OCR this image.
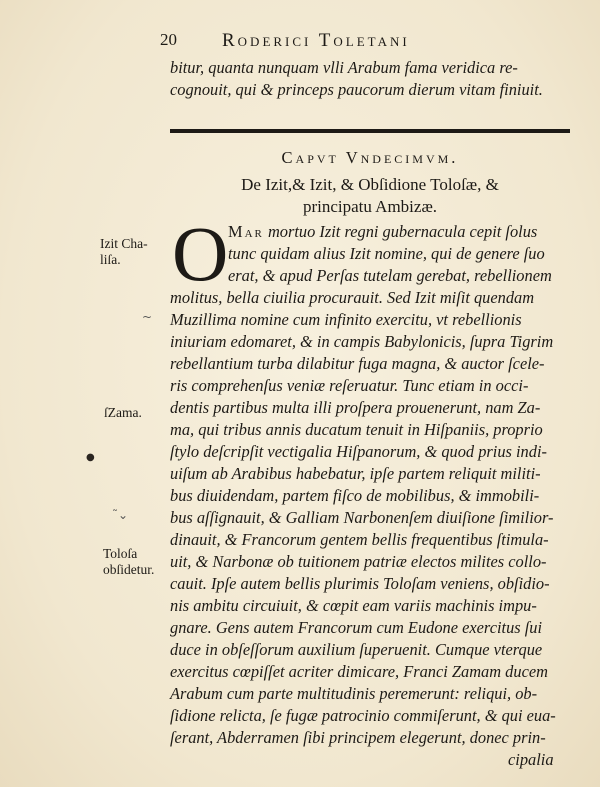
20 Roderici Toletani
bitur, quanta nunquam vlli Arabum fama veridica re-
cognouit, qui & princeps paucorum dierum vitam finiuit.
Capvt Vndecimvm.
De Izit,& Izit, & Obſidione Toloſæ, &
principatu Ambizæ.
O Mar mortuo Izit regni gubernacula cepit ſolus
tunc quidam alius Izit nomine, qui de genere ſuo
erat, & apud Perſas tutelam gerebat, rebellionem
molitus, bella ciuilia procurauit. Sed Izit miſit quendam
Muzillima nomine cum infinito exercitu, vt rebellionis
iniuriam edomaret, & in campis Babylonicis, ſupra Tigrim
rebellantium turba dilabitur fuga magna, & auctor ſcele-
ris comprehenſus veniæ reſeruatur. Tunc etiam in occi-
dentis partibus multa illi proſpera prouenerunt, nam Za-
ma, qui tribus annis ducatum tenuit in Hiſpaniis, proprio
ſtylo deſcripſit vectigalia Hiſpanorum, & quod prius indi-
uiſum ab Arabibus habebatur, ipſe partem reliquit militi-
bus diuidendam, partem fiſco de mobilibus, & immobili-
bus aſſignauit, & Galliam Narbonenſem diuiſione ſimilior-
dinauit, & Francorum gentem bellis frequentibus ſtimula-
uit, & Narbonæ ob tuitionem patriæ electos milites collo-
cauit. Ipſe autem bellis plurimis Toloſam veniens, obſidio-
nis ambitu circuiuit, & cœpit eam variis machinis impu-
gnare. Gens autem Francorum cum Eudone exercitus ſui
duce in obſeſſorum auxilium ſuperuenit. Cumque vterque
exercitus cœpiſſet acriter dimicare, Franci Zamam ducem
Arabum cum parte multitudinis peremerunt: reliqui, ob-
ſidione relicta, ſe fugæ patrocinio commiſerunt, & qui eua-
ſerant, Abderramen ſibi principem elegerunt, donec prin-
cipalia
Izit Cha-
liſa.
ſZama.
Toloſa
obſidetur.
~
●
˜⌄
